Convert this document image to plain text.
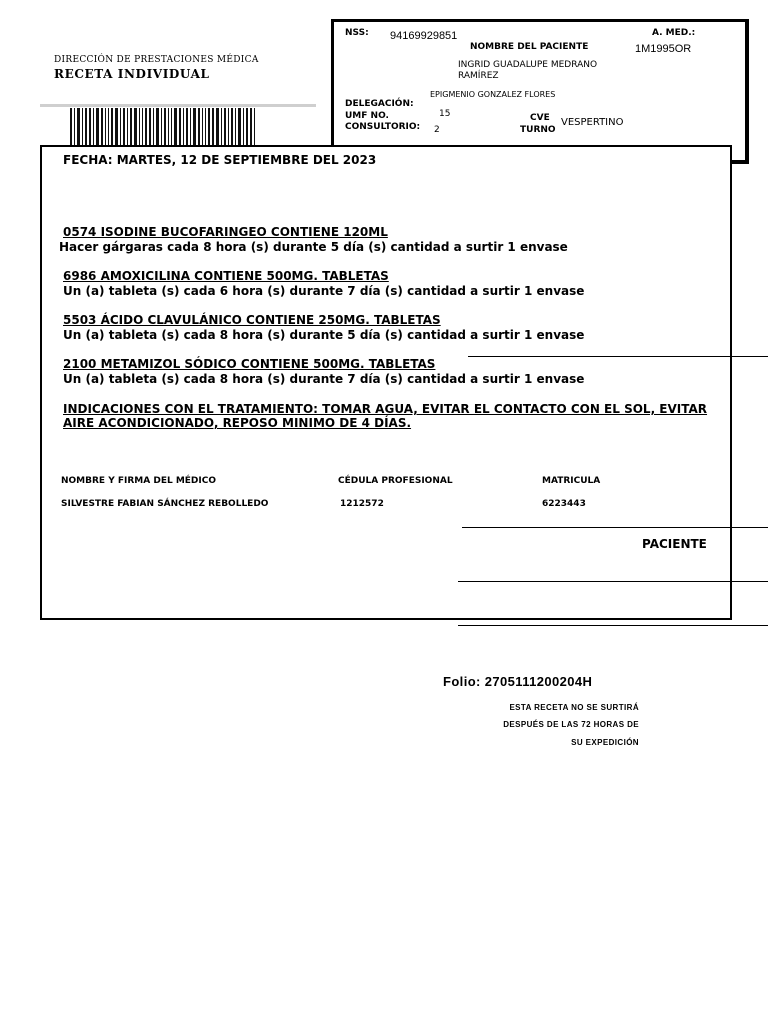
DIRECCIÓN DE PRESTACIONES MÉDICA
RECETA INDIVIDUAL
NSS: 94169929851
NOMBRE DEL PACIENTE
A. MED.:
1M1995OR
INGRID GUADALUPE MEDRANO
RAMÍREZ
EPIGMENIO GONZALEZ FLORES
DELEGACIÓN:
UMF NO.	15
CONSULTORIO: 2
CVE
TURNO
VESPERTINO
FECHA: MARTES, 12 DE SEPTIEMBRE DEL 2023
0574 ISODINE BUCOFARINGEO CONTIENE 120ML
Hacer gárgaras cada 8 hora (s) durante 5 día (s) cantidad a surtir 1 envase
6986 AMOXICILINA CONTIENE 500MG. TABLETAS
Un (a) tableta (s) cada 6 hora (s) durante 7 día (s) cantidad a surtir 1 envase
5503 ÁCIDO CLAVULÁNICO CONTIENE 250MG. TABLETAS
Un (a) tableta (s) cada 8 hora (s) durante 5 día (s) cantidad a surtir 1 envase
2100 METAMIZOL SÓDICO CONTIENE 500MG. TABLETAS
Un (a) tableta (s) cada 8 hora (s) durante 7 día (s) cantidad a surtir 1 envase
INDICACIONES CON EL TRATAMIENTO: TOMAR AGUA, EVITAR EL CONTACTO CON EL SOL, EVITAR
AIRE ACONDICIONADO, REPOSO MINIMO DE 4 DÍAS.
NOMBRE Y FIRMA DEL MÉDICO	CÉDULA PROFESIONAL	MATRICULA
SILVESTRE FABIAN SÁNCHEZ REBOLLEDO	1212572	6223443
PACIENTE
Folio: 2705111200204H
ESTA RECETA NO SE SURTIRÁ
DESPUÉS DE LAS 72 HORAS DE
SU EXPEDICIÓN
